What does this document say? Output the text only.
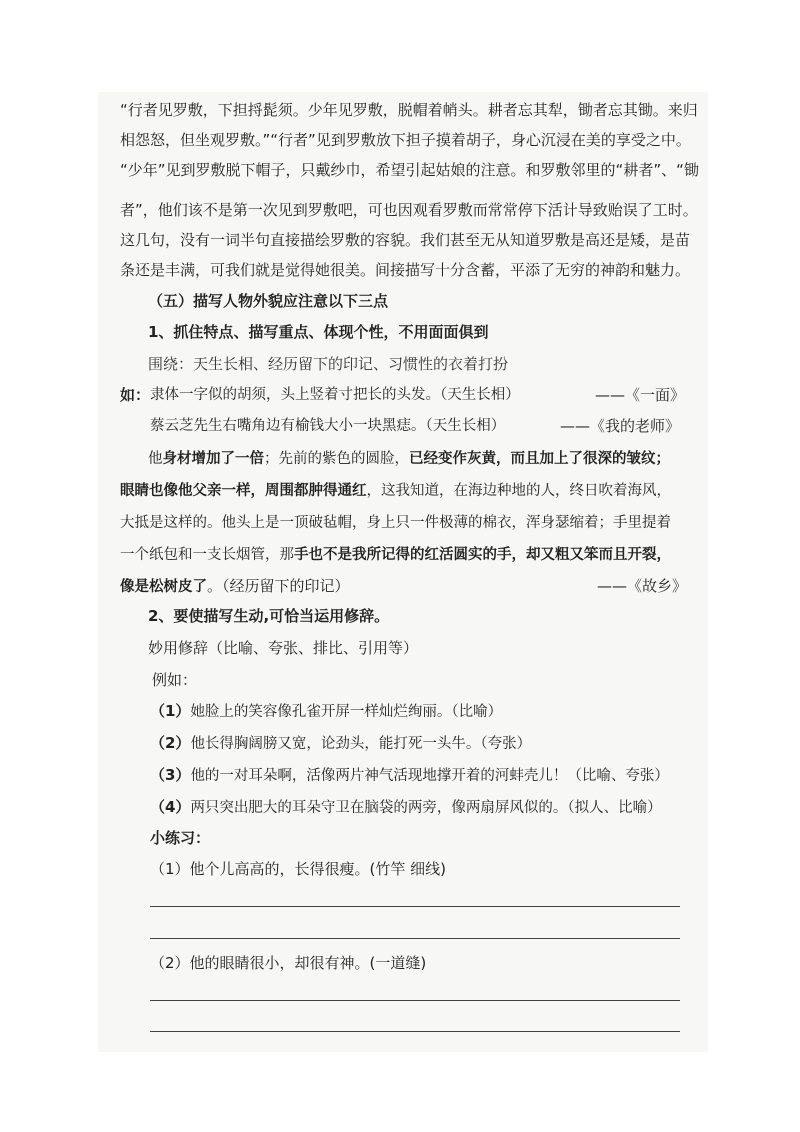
“行者见罗敷，下担捋髭须。少年见罗敷，脱帽着帩头。耕者忘其犁，锄者忘其锄。来归
相怨怒，但坐观罗敷。”“行者”见到罗敷放下担子摸着胡子，身心沉浸在美的享受之中。
“少年”见到罗敷脱下帽子，只戴纱巾，希望引起姑娘的注意。和罗敷邻里的“耕者”、“锄
者”，他们该不是第一次见到罗敷吧，可也因观看罗敷而常常停下活计导致贻误了工时。
这几句，没有一词半句直接描绘罗敷的容貌。我们甚至无从知道罗敷是高还是矮，是苗
条还是丰满，可我们就是觉得她很美。间接描写十分含蓄，平添了无穷的神韵和魅力。
（五）描写人物外貌应注意以下三点
1、抓住特点、描写重点、体现个性，不用面面俱到
围绕：天生长相、经历留下的印记、习惯性的衣着打扮
如： 隶体一字似的胡须，头上竖着寸把长的头发。（天生长相）	——《一面》
蔡云芝先生右嘴角边有榆钱大小一块黑痣。（天生长相）	——《我的老师》
他身材增加了一倍；先前的紫色的圆脸，已经变作灰黄，而且加上了很深的皱纹；
眼睛也像他父亲一样，周围都肿得通红，这我知道，在海边种地的人，终日吹着海风，
大抵是这样的。他头上是一顶破毡帽，身上只一件极薄的棉衣，浑身瑟缩着；手里提着
一个纸包和一支长烟管，那手也不是我所记得的红活圆实的手，却又粗又笨而且开裂，
像是松树皮了。（经历留下的印记）	——《故乡》
2、要使描写生动,可恰当运用修辞。
妙用修辞（比喻、夸张、排比、引用等）
例如：
（1）她脸上的笑容像孔雀开屏一样灿烂绚丽。（比喻）
（2）他长得胸阔膀又宽，论劲头，能打死一头牛。（夸张）
（3）他的一对耳朵啊，活像两片神气活现地撑开着的河蚌壳儿！（比喻、夸张）
（4）两只突出肥大的耳朵守卫在脑袋的两旁，像两扇屏风似的。（拟人、比喻）
小练习：
（1）他个儿高高的，长得很瘦。(竹竿 细线)
（2）他的眼睛很小，却很有神。(一道缝)
